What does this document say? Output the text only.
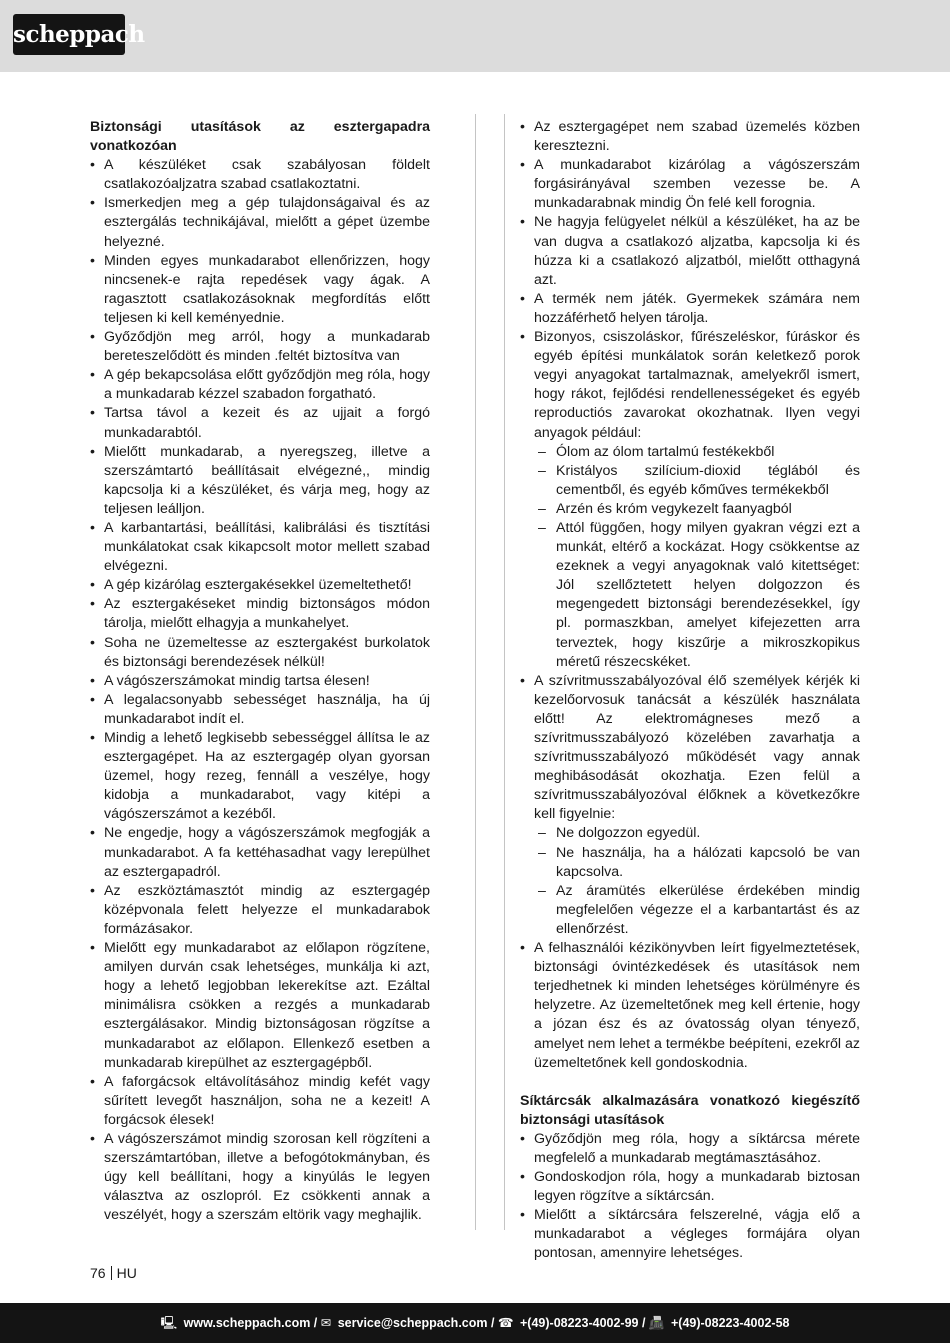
scheppach

Biztonsági utasítások az esztergapadra vonatkozóan

• A készüléket csak szabályosan földelt csatlakozóaljzatra szabad csatlakoztatni.
• Ismerkedjen meg a gép tulajdonságaival és az esztergálás technikájával, mielőtt a gépet üzembe helyezné.
• Minden egyes munkadarabot ellenőrizzen, hogy nincsenek-e rajta repedések vagy ágak. A ragasztott csatlakozásoknak megfordítás előtt teljesen ki kell keményednie.
• Győződjön meg arról, hogy a munkadarab bereteszelődött és minden .feltét biztosítva van
• A gép bekapcsolása előtt győződjön meg róla, hogy a munkadarab kézzel szabadon forgatható.
• Tartsa távol a kezeit és az ujjait a forgó munkadarabtól.
• Mielőtt munkadarab, a nyeregszeg, illetve a szerszámtartó beállításait elvégezné,, mindig kapcsolja ki a készüléket, és várja meg, hogy az teljesen leálljon.
• A karbantartási, beállítási, kalibrálási és tisztítási munkálatokat csak kikapcsolt motor mellett szabad elvégezni.
• A gép kizárólag esztergakésekkel üzemeltethető!
• Az esztergakéseket mindig biztonságos módon tárolja, mielőtt elhagyja a munkahelyet.
• Soha ne üzemeltesse az esztergakést burkolatok és biztonsági berendezések nélkül!
• A vágószerszámokat mindig tartsa élesen!
• A legalacsonyabb sebességet használja, ha új munkadarabot indít el.
• Mindig a lehető legkisebb sebességgel állítsa le az esztergagépet. Ha az esztergagép olyan gyorsan üzemel, hogy rezeg, fennáll a veszélye, hogy kidobja a munkadarabot, vagy kitépi a vágószerszámot a kezéből.
• Ne engedje, hogy a vágószerszámok megfogják a munkadarabot. A fa kettéhasadhat vagy lerepülhet az esztergapadról.
• Az eszköztámasztót mindig az esztergagép középvonala felett helyezze el munkadarabok formázásakor.
• Mielőtt egy munkadarabot az előlapon rögzítene, amilyen durván csak lehetséges, munkálja ki azt, hogy a lehető legjobban lekerekítse azt. Ezáltal minimálisra csökken a rezgés a munkadarab esztergálásakor. Mindig biztonságosan rögzítse a munkadarabot az előlapon. Ellenkező esetben a munkadarab kirepülhet az esztergagépből.
• A faforgácsok eltávolításához mindig kefét vagy sűrített levegőt használjon, soha ne a kezeit! A forgácsok élesek!
• A vágószerszámot mindig szorosan kell rögzíteni a szerszámtartóban, illetve a befogótokmányban, és úgy kell beállítani, hogy a kinyúlás le legyen választva az oszlopról. Ez csökkenti annak a veszélyét, hogy a szerszám eltörik vagy meghajlik.
• Az esztergagépet nem szabad üzemelés közben keresztezni.
• A munkadarabot kizárólag a vágószerszám forgásirányával szemben vezesse be. A munkadarabnak mindig Ön felé kell forognia.
• Ne hagyja felügyelet nélkül a készüléket, ha az be van dugva a csatlakozó aljzatba, kapcsolja ki és húzza ki a csatlakozó aljzatból, mielőtt otthagyná azt.
• A termék nem játék. Gyermekek számára nem hozzáférhető helyen tárolja.
• Bizonyos, csiszoláskor, fűrészeléskor, fúráskor és egyéb építési munkálatok során keletkező porok vegyi anyagokat tartalmaznak, amelyekről ismert, hogy rákot, fejlődési rendellenességeket és egyéb reproductiós zavarokat okozhatnak. Ilyen vegyi anyagok például:
– Ólom az ólom tartalmú festékekből
– Kristályos szilícium-dioxid téglából és cementből, és egyéb kőműves termékekből
– Arzén és króm vegykezelt faanyagból
– Attól függően, hogy milyen gyakran végzi ezt a munkát, eltérő a kockázat. Hogy csökkentse az ezeknek a vegyi anyagoknak való kitettséget: Jól szellőztetett helyen dolgozzon és megengedett biztonsági berendezésekkel, így pl. pormaszkban, amelyet kifejezetten arra terveztek, hogy kiszűrje a mikroszkopikus méretű részecskéket.
• A szívritmusszabályozóval élő személyek kérjék ki kezelőorvosuk tanácsát a készülék használata előtt! Az elektromágneses mező a szívritmusszabályozó közelében zavarhatja a szívritmusszabályozó működését vagy annak meghibásodását okozhatja. Ezen felül a szívritmusszabályozóval élőknek a következőkre kell figyelnie:
– Ne dolgozzon egyedül.
– Ne használja, ha a hálózati kapcsoló be van kapcsolva.
– Az áramütés elkerülése érdekében mindig megfelelően végezze el a karbantartást és az ellenőrzést.
• A felhasználói kézikönyvben leírt figyelmeztetések, biztonsági óvintézkedések és utasítások nem terjedhetnek ki minden lehetséges körülményre és helyzetre. Az üzemeltetőnek meg kell értenie, hogy a józan ész és az óvatosság olyan tényező, amelyet nem lehet a termékbe beépíteni, ezekről az üzemeltetőnek kell gondoskodnia.

Síktárcsák alkalmazására vonatkozó kiegészítő biztonsági utasítások

• Győződjön meg róla, hogy a síktárcsa mérete megfelelő a munkadarab megtámasztásához.
• Gondoskodjon róla, hogy a munkadarab biztosan legyen rögzítve a síktárcsán.
• Mielőtt a síktárcsára felszerelné, vágja elő a munkadarabot a végleges formájára olyan pontosan, amennyire lehetséges.
76 HU
🖳 www.scheppach.com / ✉ service@scheppach.com / ☎ +(49)-08223-4002-99 / 📠 +(49)-08223-4002-58
